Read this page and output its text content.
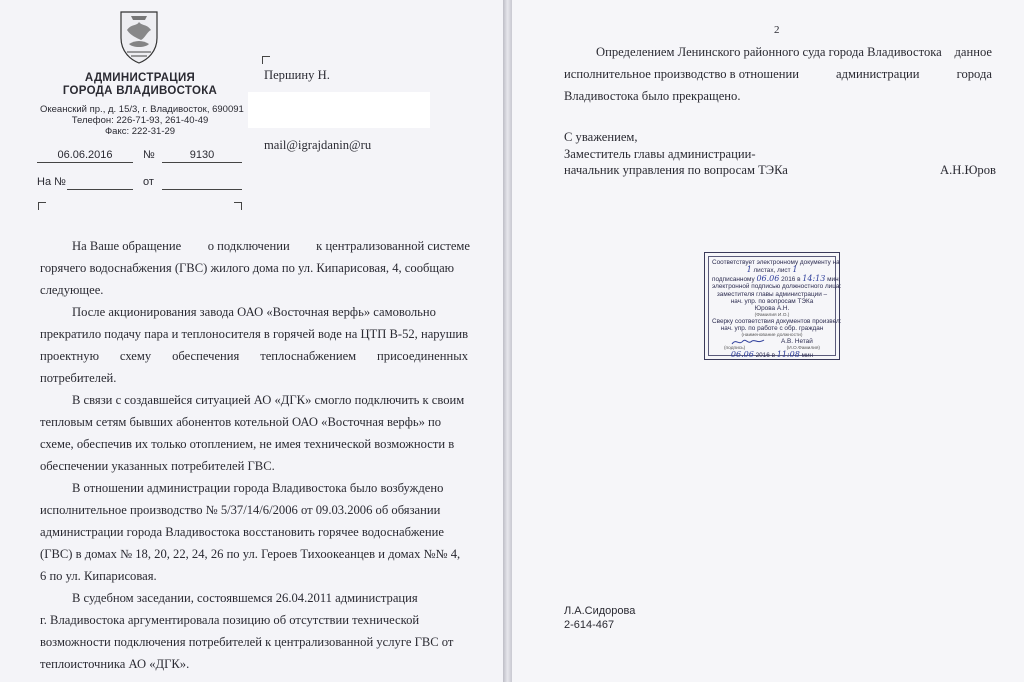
АДМИНИСТРАЦИЯ
ГОРОДА ВЛАДИВОСТОКА
Океанский пр., д. 15/3, г. Владивосток, 690091
Телефон: 226-71-93, 261-40-49
Факс: 222-31-29
06.06.2016	№	9130
На №	от
Першину Н.
mail@igrajdanin@ru
На Ваше обращение о подключении к централизованной системе
горячего водоснабжения (ГВС) жилого дома по ул. Кипарисовая, 4, сообщаю
следующее.
После акционирования завода ОАО «Восточная верфь» самовольно
прекратило подачу пара и теплоносителя в горячей воде на ЦТП В-52, нарушив
проектную схему обеспечения теплоснабжением присоединенных
потребителей.
В связи с создавшейся ситуацией АО «ДГК» смогло подключить к своим
тепловым сетям бывших абонентов котельной ОАО «Восточная верфь» по
схеме, обеспечив их только отоплением, не имея технической возможности в
обеспечении указанных потребителей ГВС.
В отношении администрации города Владивостока было возбуждено
исполнительное производство № 5/37/14/6/2006 от 09.03.2006 об обязании
администрации города Владивостока восстановить горячее водоснабжение
(ГВС) в домах № 18, 20, 22, 24, 26 по ул. Героев Тихоокеанцев и домах №№ 4,
6 по ул. Кипарисовая.
В судебном заседании, состоявшемся 26.04.2011 администрация
г. Владивостока аргументировала позицию об отсутствии технической
возможности подключения потребителей к централизованной услуге ГВС от
теплоисточника АО «ДГК».
2
Определением Ленинского районного суда города Владивостока данное
исполнительное производство в отношении	администрации	города
Владивостока было прекращено.
С уважением,
Заместитель главы администрации-
начальник управления по вопросам ТЭКа	А.Н.Юров
Л.А.Сидорова
2-614-467
Соответствует электронному документу на
1 листах, лист 1
подписанному 06.06 2016 в 14:13 мин.
электронной подписью должностного лица:
заместителя главы администрации –
нач. упр. по вопросам ТЭКа
Юрова А.Н.
(Фамилия И.О.)
Сверку соответствия документов произвел:
нач. упр. по работе с обр. граждан
(наименование должности)
А.В. Нетай
(подпись)	(И.О.Фамилия)
06.06 2016 в 11:08 мин
